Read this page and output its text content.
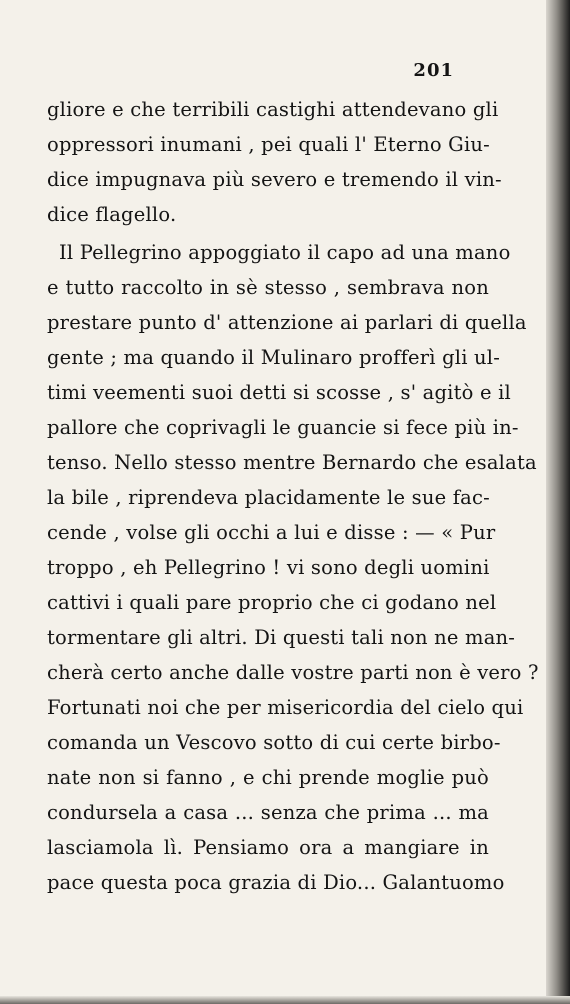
201
gliore e che terribili castighi attendevano gli
oppressori inumani , pei quali l' Eterno Giu-
dice impugnava più severo e tremendo il vin-
dice flagello.
Il Pellegrino appoggiato il capo ad una mano
e tutto raccolto in sè stesso , sembrava non
prestare punto d' attenzione ai parlari di quella
gente ; ma quando il Mulinaro profferì gli ul-
timi veementi suoi detti si scosse , s' agitò e il
pallore che coprivagli le guancie si fece più in-
tenso. Nello stesso mentre Bernardo che esalata
la bile , riprendeva placidamente le sue fac-
cende , volse gli occhi a lui e disse : — « Pur
troppo , eh Pellegrino ! vi sono degli uomini
cattivi i quali pare proprio che ci godano nel
tormentare gli altri. Di questi tali non ne man-
cherà certo anche dalle vostre parti non è vero ?
Fortunati noi che per misericordia del cielo qui
comanda un Vescovo sotto di cui certe birbo-
nate non si fanno , e chi prende moglie può
condursela a casa ... senza che prima ... ma
lasciamola lì. Pensiamo ora a mangiare in
pace questa poca grazia di Dio... Galantuomo
